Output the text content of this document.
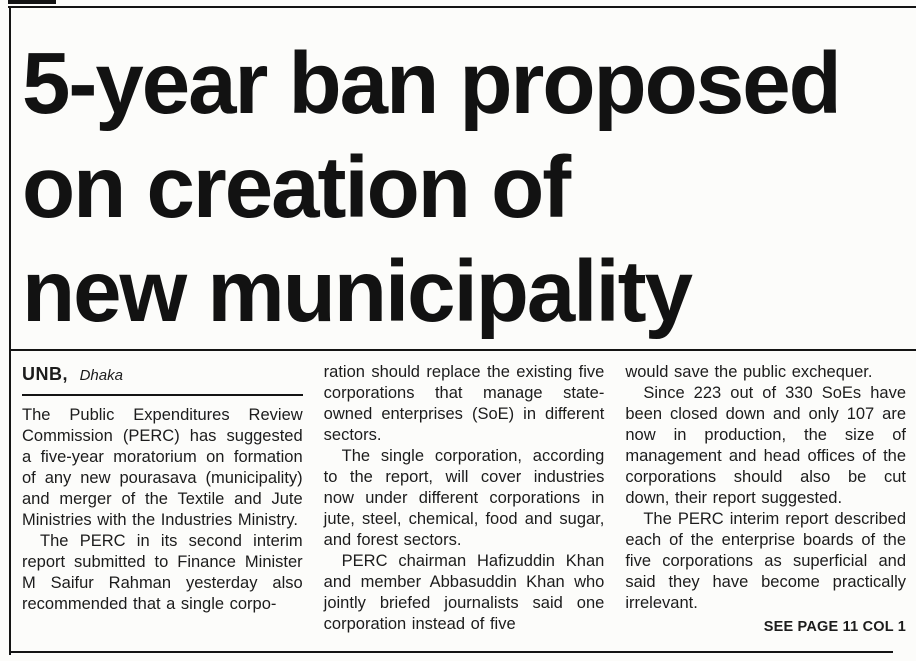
5-year ban proposed
on creation of
new municipality
UNB, Dhaka

The Public Expenditures Review Commission (PERC) has suggested a five-year moratorium on formation of any new pourasava (municipality) and merger of the Textile and Jute Ministries with the Industries Ministry.

The PERC in its second interim report submitted to Finance Minister M Saifur Rahman yesterday also recommended that a single corpo-

ration should replace the existing five corporations that manage state-owned enterprises (SoE) in different sectors.

The single corporation, according to the report, will cover industries now under different corporations in jute, steel, chemical, food and sugar, and forest sectors.

PERC chairman Hafizuddin Khan and member Abbasuddin Khan who jointly briefed journalists said one corporation instead of five

would save the public exchequer.

Since 223 out of 330 SoEs have been closed down and only 107 are now in production, the size of management and head offices of the corporations should also be cut down, their report suggested.

The PERC interim report described each of the enterprise boards of the five corporations as superficial and said they have become practically irrelevant.

SEE PAGE 11 COL 1
